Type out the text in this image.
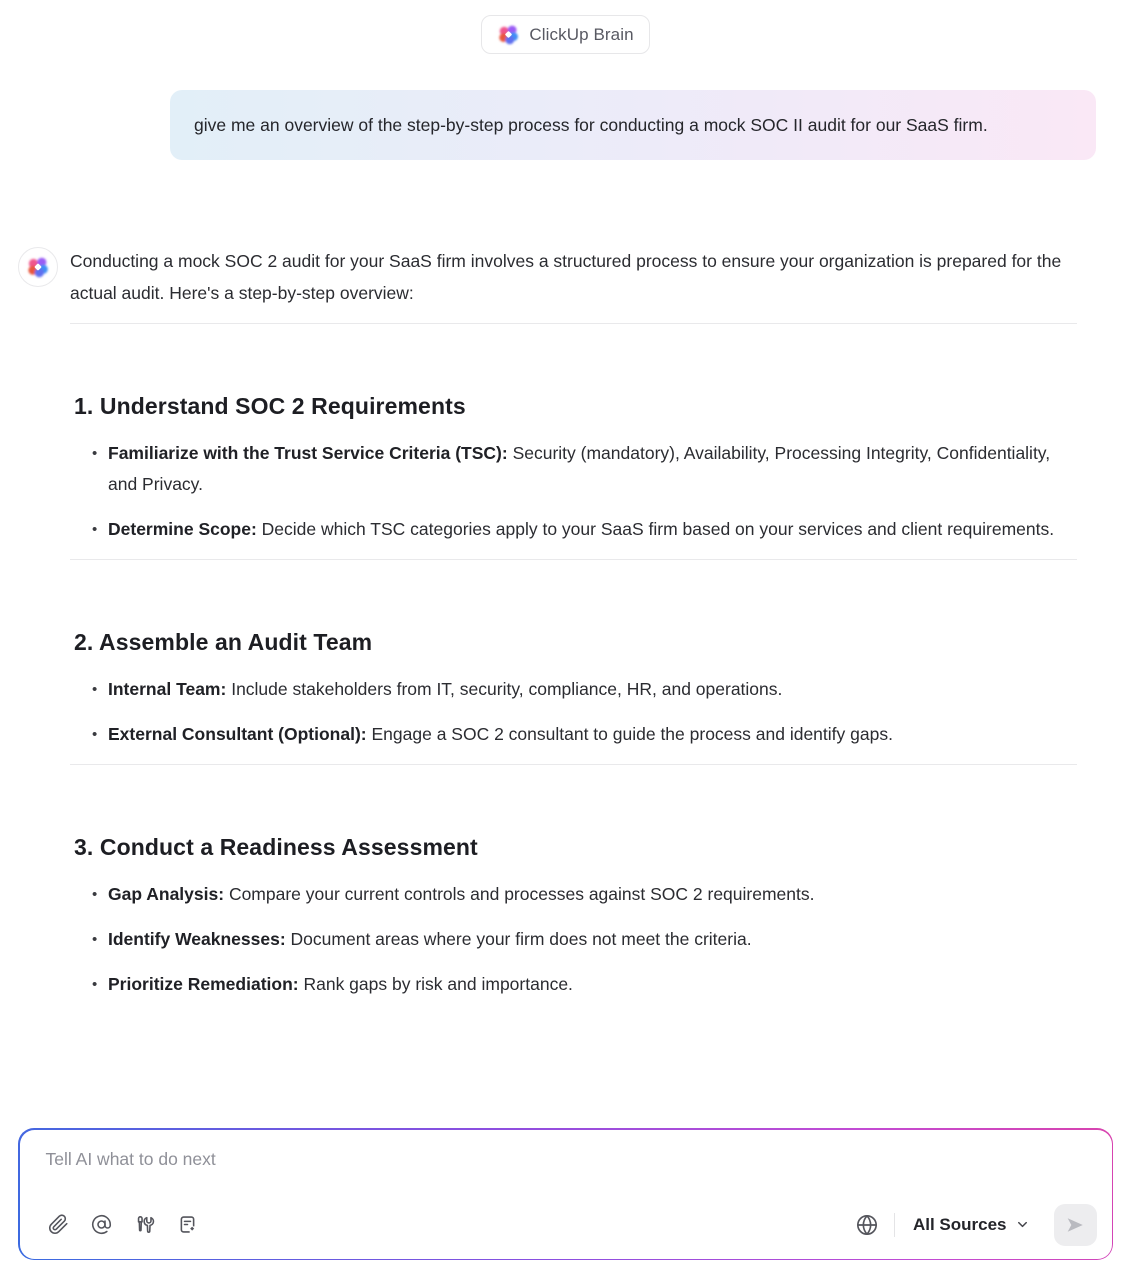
ClickUp Brain
give me an overview of the step-by-step process for conducting a mock SOC II audit for our SaaS firm.

Conducting a mock SOC 2 audit for your SaaS firm involves a structured process to ensure your organization is prepared for the actual audit. Here's a step-by-step overview:

1. Understand SOC 2 Requirements
• Familiarize with the Trust Service Criteria (TSC): Security (mandatory), Availability, Processing Integrity, Confidentiality, and Privacy.
• Determine Scope: Decide which TSC categories apply to your SaaS firm based on your services and client requirements.
2. Assemble an Audit Team
• Internal Team: Include stakeholders from IT, security, compliance, HR, and operations.
• External Consultant (Optional): Engage a SOC 2 consultant to guide the process and identify gaps.
3. Conduct a Readiness Assessment
• Gap Analysis: Compare your current controls and processes against SOC 2 requirements.
• Identify Weaknesses: Document areas where your firm does not meet the criteria.
• Prioritize Remediation: Rank gaps by risk and importance.
Tell AI what to do next
All Sources
